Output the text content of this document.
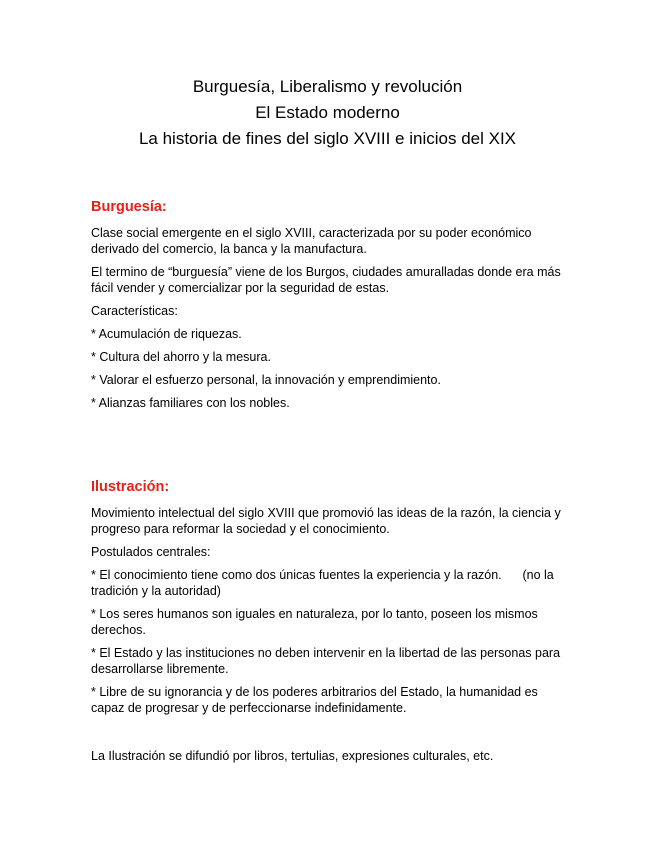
Burguesía, Liberalismo y revolución
El Estado moderno
La historia de fines del siglo XVIII e inicios del XIX
Burguesía:

Clase social emergente en el siglo XVIII, caracterizada por su poder económico derivado del comercio, la banca y la manufactura.

El termino de “burguesía” viene de los Burgos, ciudades amuralladas donde era más fácil vender y comercializar por la seguridad de estas.

Características:

* Acumulación de riquezas.

* Cultura del ahorro y la mesura.

* Valorar el esfuerzo personal, la innovación y emprendimiento.

* Alianzas familiares con los nobles.

Ilustración:

Movimiento intelectual del siglo XVIII que promovió las ideas de la razón, la ciencia y progreso para reformar la sociedad y el conocimiento.

Postulados centrales:

* El conocimiento tiene como dos únicas fuentes la experiencia y la razón.      (no la tradición y la autoridad)

* Los seres humanos son iguales en naturaleza, por lo tanto, poseen los mismos derechos.

* El Estado y las instituciones no deben intervenir en la libertad de las personas para desarrollarse libremente.

* Libre de su ignorancia y de los poderes arbitrarios del Estado, la humanidad es capaz de progresar y de perfeccionarse indefinidamente.

La Ilustración se difundió por libros, tertulias, expresiones culturales, etc.
